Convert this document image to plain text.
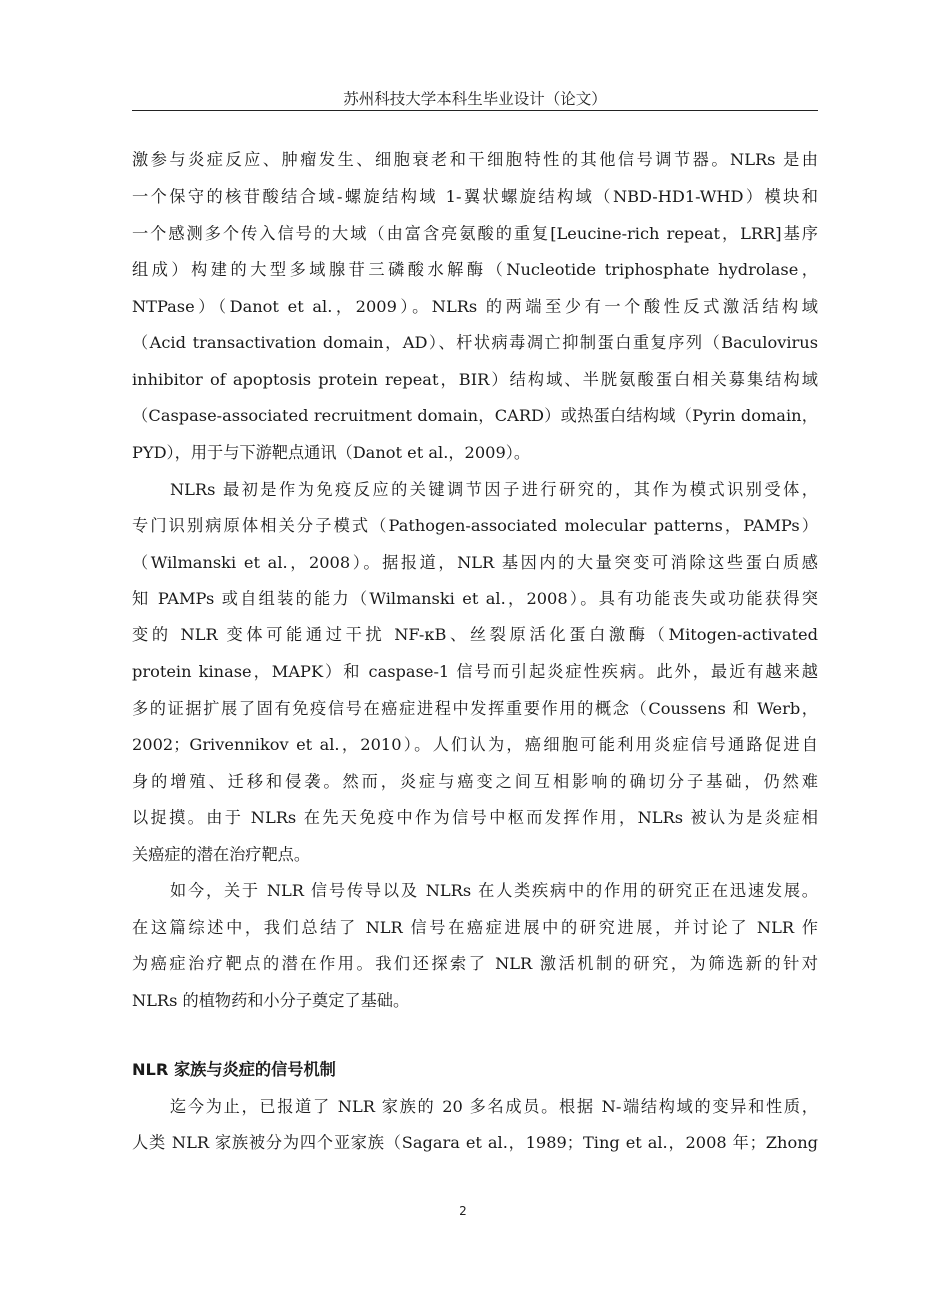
苏州科技大学本科生毕业设计（论文）
激参与炎症反应、肿瘤发生、细胞衰老和干细胞特性的其他信号调节器。NLRs 是由
一个保守的核苷酸结合域-螺旋结构域 1-翼状螺旋结构域（NBD-HD1-WHD）模块和
一个感测多个传入信号的大域（由富含亮氨酸的重复[Leucine-rich repeat，LRR]基序
组成）构建的大型多域腺苷三磷酸水解酶（Nucleotide triphosphate hydrolase，
NTPase）（Danot et al.，2009）。NLRs 的两端至少有一个酸性反式激活结构域
（Acid transactivation domain，AD）、杆状病毒凋亡抑制蛋白重复序列（Baculovirus
inhibitor of apoptosis protein repeat，BIR）结构域、半胱氨酸蛋白相关募集结构域
（Caspase-associated recruitment domain，CARD）或热蛋白结构域（Pyrin domain，
PYD），用于与下游靶点通讯（Danot et al.，2009）。
NLRs 最初是作为免疫反应的关键调节因子进行研究的，其作为模式识别受体，
专门识别病原体相关分子模式（Pathogen-associated molecular patterns，PAMPs）
（Wilmanski et al.，2008）。据报道，NLR 基因内的大量突变可消除这些蛋白质感
知 PAMPs 或自组装的能力（Wilmanski et al.，2008）。具有功能丧失或功能获得突
变的 NLR 变体可能通过干扰 NF-κB、丝裂原活化蛋白激酶（Mitogen-activated
protein kinase，MAPK）和 caspase-1 信号而引起炎症性疾病。此外，最近有越来越
多的证据扩展了固有免疫信号在癌症进程中发挥重要作用的概念（Coussens 和 Werb，
2002；Grivennikov et al.，2010）。人们认为，癌细胞可能利用炎症信号通路促进自
身的增殖、迁移和侵袭。然而，炎症与癌变之间互相影响的确切分子基础，仍然难
以捉摸。由于 NLRs 在先天免疫中作为信号中枢而发挥作用，NLRs 被认为是炎症相
关癌症的潜在治疗靶点。
如今，关于 NLR 信号传导以及 NLRs 在人类疾病中的作用的研究正在迅速发展。
在这篇综述中，我们总结了 NLR 信号在癌症进展中的研究进展，并讨论了 NLR 作
为癌症治疗靶点的潜在作用。我们还探索了 NLR 激活机制的研究，为筛选新的针对
NLRs 的植物药和小分子奠定了基础。
NLR 家族与炎症的信号机制
迄今为止，已报道了 NLR 家族的 20 多名成员。根据 N-端结构域的变异和性质，
人类 NLR 家族被分为四个亚家族（Sagara et al.，1989；Ting et al.，2008 年；Zhong
2
